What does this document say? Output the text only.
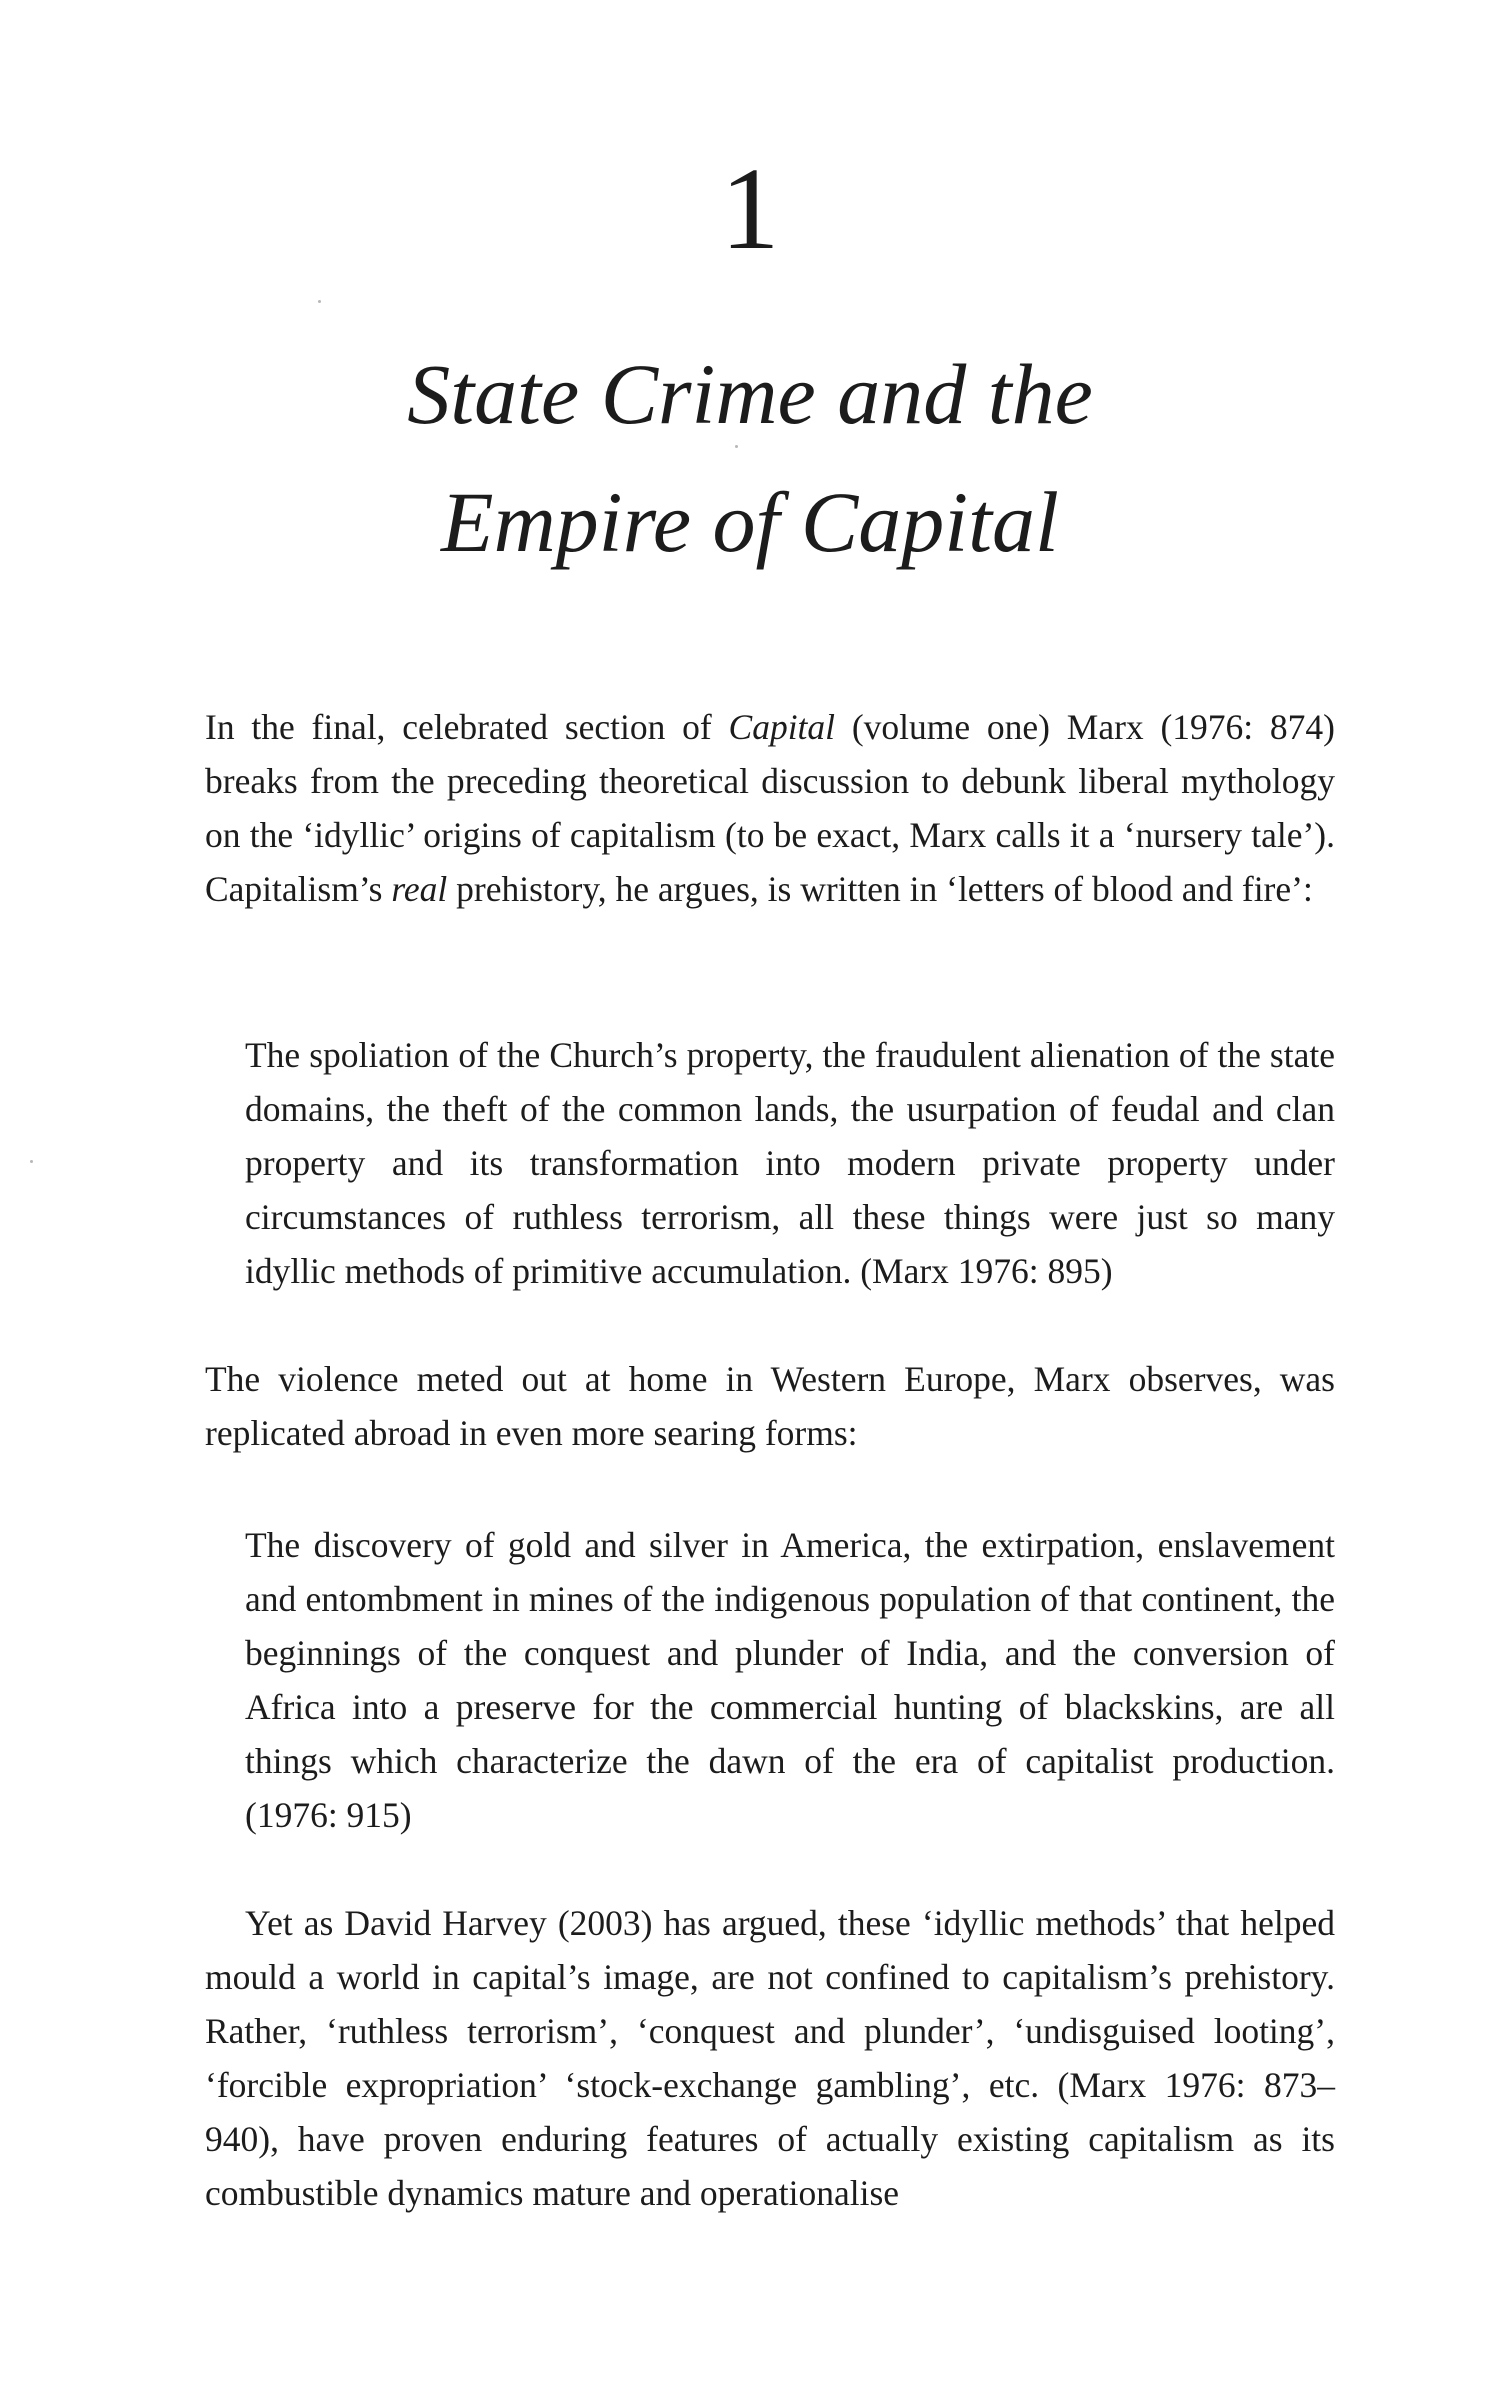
1
State Crime and the
Empire of Capital

In the final, celebrated section of Capital (volume one) Marx (1976: 874) breaks from the preceding theoretical discussion to debunk liberal mythology on the ‘idyllic’ origins of capitalism (to be exact, Marx calls it a ‘nursery tale’). Capitalism’s real prehistory, he argues, is written in ‘letters of blood and fire’:

The spoliation of the Church’s property, the fraudulent alienation of the state domains, the theft of the common lands, the usurpation of feudal and clan property and its transformation into modern private property under circumstances of ruthless terrorism, all these things were just so many idyllic methods of primitive accumulation. (Marx 1976: 895)

The violence meted out at home in Western Europe, Marx observes, was replicated abroad in even more searing forms:

The discovery of gold and silver in America, the extirpation, enslavement and entombment in mines of the indigenous population of that continent, the beginnings of the conquest and plunder of India, and the conversion of Africa into a preserve for the commercial hunting of blackskins, are all things which characterize the dawn of the era of capitalist production. (1976: 915)

Yet as David Harvey (2003) has argued, these ‘idyllic methods’ that helped mould a world in capital’s image, are not confined to capitalism’s prehistory. Rather, ‘ruthless terrorism’, ‘conquest and plunder’, ‘undisguised looting’, ‘forcible expropriation’ ‘stock-exchange gambling’, etc. (Marx 1976: 873–940), have proven enduring features of actually existing capitalism as its combustible dynamics mature and operationalise
